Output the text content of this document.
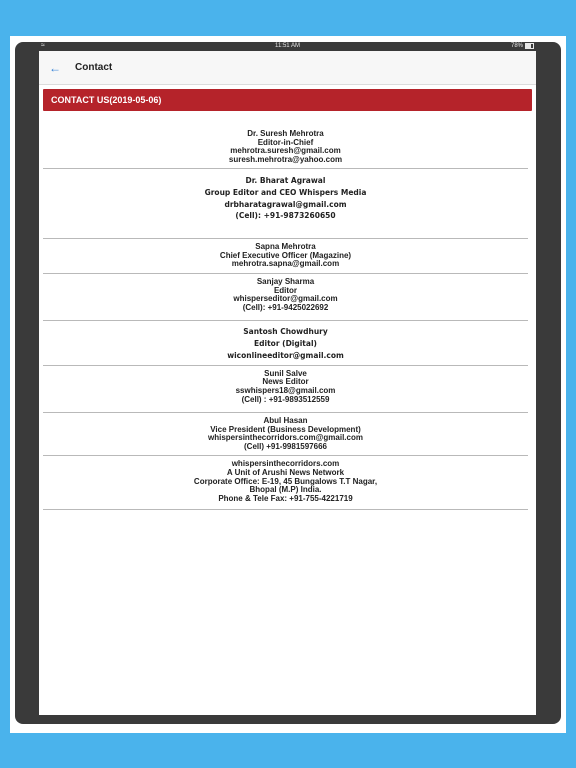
≈	11:51 AM	78%
← Contact
CONTACT US(2019-05-06)
Dr. Suresh Mehrotra
Editor-in-Chief
mehrotra.suresh@gmail.com
suresh.mehrotra@yahoo.com
Dr. Bharat Agrawal
Group Editor and CEO Whispers Media
drbharatagrawal@gmail.com
(Cell): +91-9873260650
Sapna Mehrotra
Chief Executive Officer (Magazine)
mehrotra.sapna@gmail.com
Sanjay Sharma
Editor
whisperseditor@gmail.com
(Cell): +91-9425022692
Santosh Chowdhury
Editor (Digital)
wiconlineeditor@gmail.com
Sunil Salve
News Editor
sswhispers18@gmail.com
(Cell) : +91-9893512559
Abul Hasan
Vice President (Business Development)
whispersinthecorridors.com@gmail.com
(Cell) +91-9981597666
whispersinthecorridors.com
A Unit of Arushi News Network
Corporate Office: E-19, 45 Bungalows T.T Nagar,
Bhopal (M.P) India.
Phone & Tele Fax: +91-755-4221719
